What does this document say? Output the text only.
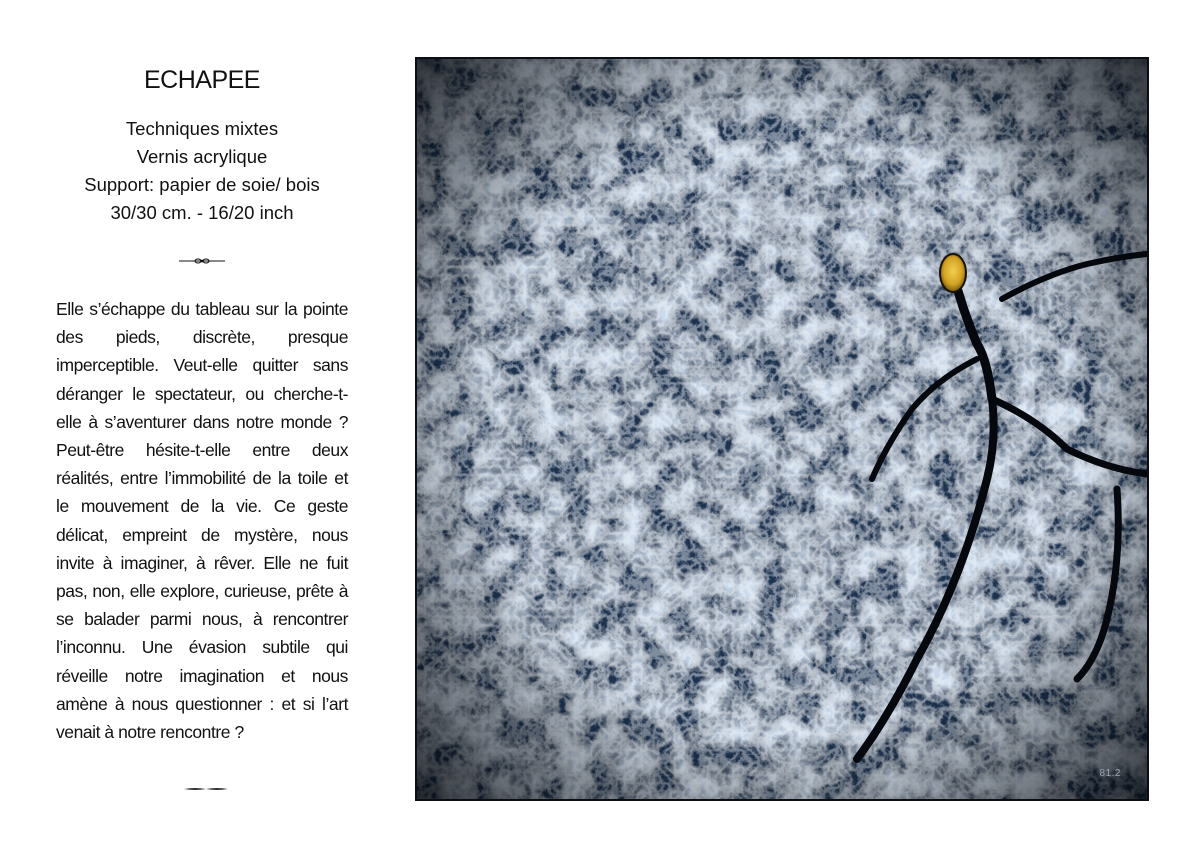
ECHAPEE
Techniques mixtes
Vernis acrylique
Support: papier de soie/ bois
30/30 cm. - 16/20 inch

Elle s’échappe du tableau sur la pointe des pieds, discrète, presque imperceptible. Veut-elle quitter sans déranger le spectateur, ou cherche-t-elle à s’aventurer dans notre monde ? Peut-être hésite-t-elle entre deux réalités, entre l’immobilité de la toile et le mouvement de la vie. Ce geste délicat, empreint de mystère, nous invite à imaginer, à rêver. Elle ne fuit pas, non, elle explore, curieuse, prête à se balader parmi nous, à rencontrer l’inconnu. Une évasion subtile qui réveille notre imagination et nous amène à nous questionner : et si l’art venait à notre rencontre ?

81.2
